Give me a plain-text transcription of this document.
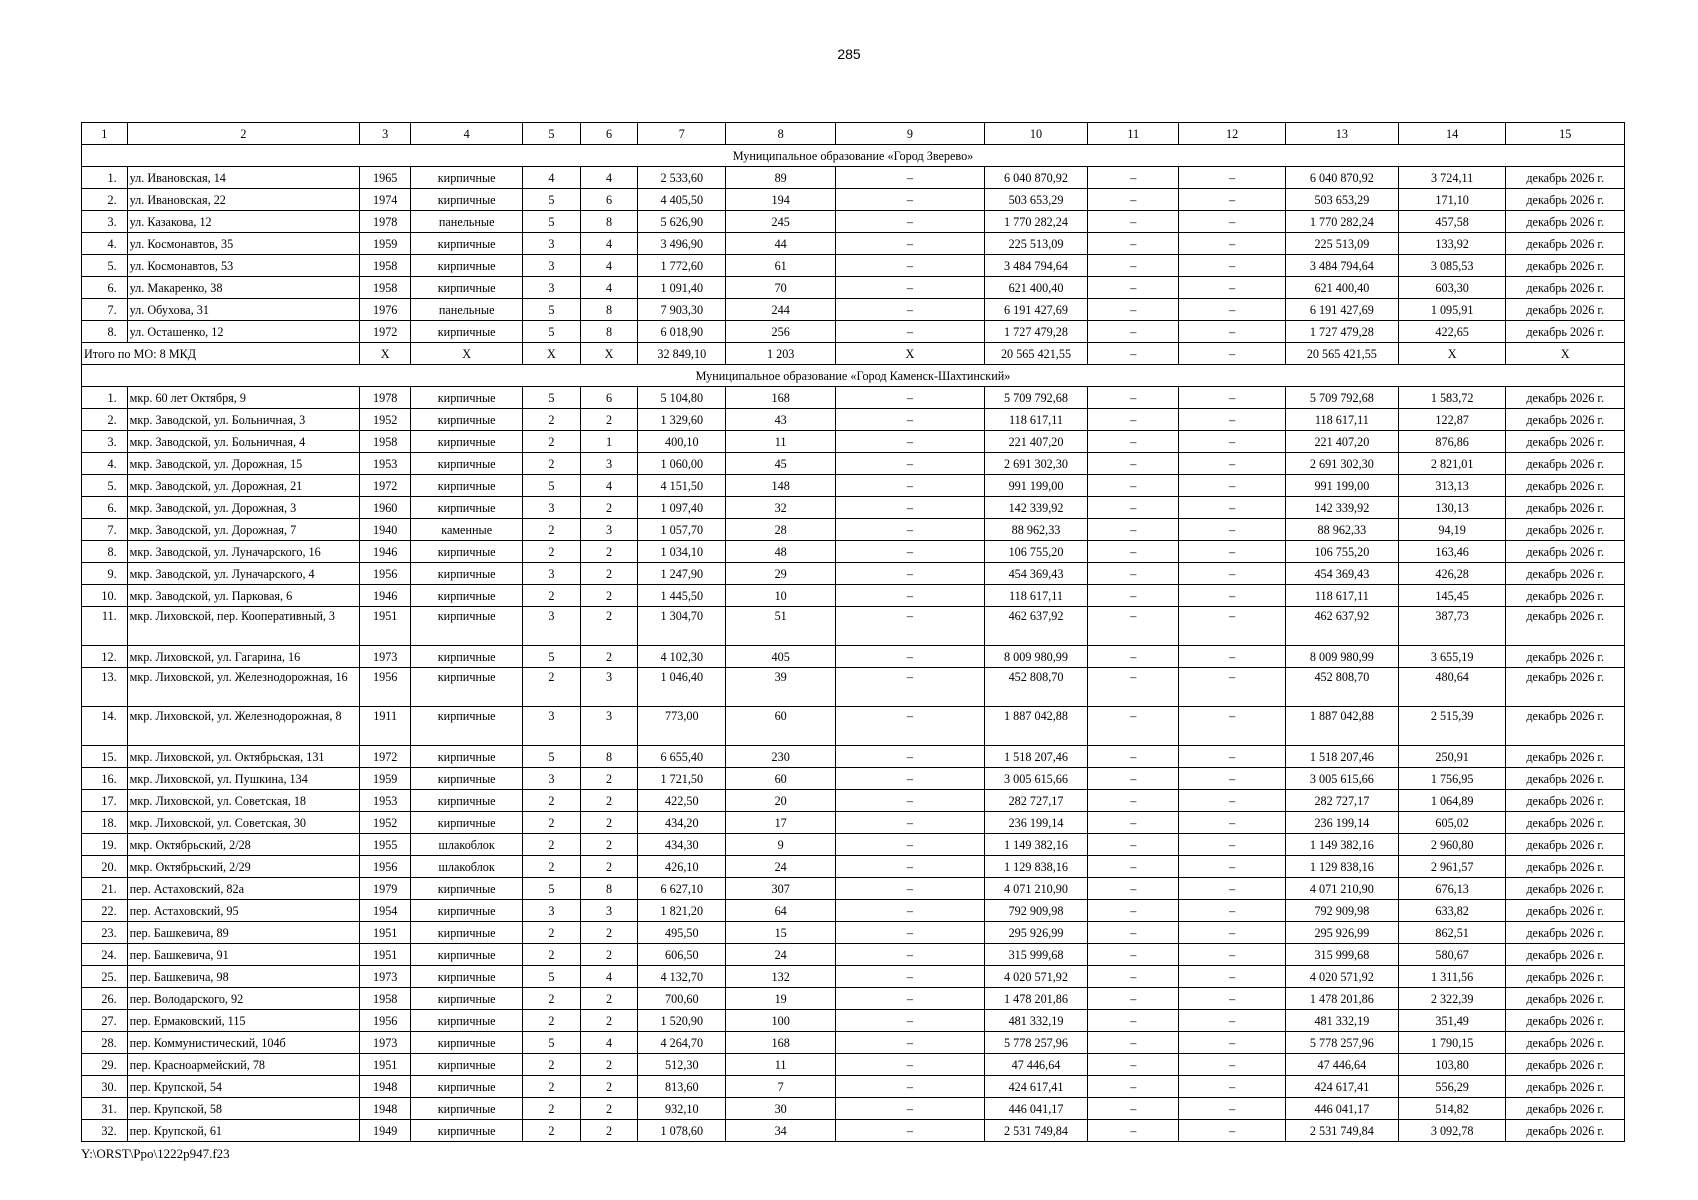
285
1	2	3	4	5	6	7	8	9	10	11	12	13	14	15
Муниципальное образование «Город Зверево»														
1.	ул. Ивановская, 14	1965	кирпичные	4	4	2 533,60	89	–	6 040 870,92	–	–	6 040 870,92	3 724,11	декабрь 2026 г.
2.	ул. Ивановская, 22	1974	кирпичные	5	6	4 405,50	194	–	503 653,29	–	–	503 653,29	171,10	декабрь 2026 г.
3.	ул. Казакова, 12	1978	панельные	5	8	5 626,90	245	–	1 770 282,24	–	–	1 770 282,24	457,58	декабрь 2026 г.
4.	ул. Космонавтов, 35	1959	кирпичные	3	4	3 496,90	44	–	225 513,09	–	–	225 513,09	133,92	декабрь 2026 г.
5.	ул. Космонавтов, 53	1958	кирпичные	3	4	1 772,60	61	–	3 484 794,64	–	–	3 484 794,64	3 085,53	декабрь 2026 г.
6.	ул. Макаренко, 38	1958	кирпичные	3	4	1 091,40	70	–	621 400,40	–	–	621 400,40	603,30	декабрь 2026 г.
7.	ул. Обухова, 31	1976	панельные	5	8	7 903,30	244	–	6 191 427,69	–	–	6 191 427,69	1 095,91	декабрь 2026 г.
8.	ул. Осташенко, 12	1972	кирпичные	5	8	6 018,90	256	–	1 727 479,28	–	–	1 727 479,28	422,65	декабрь 2026 г.
Итого по МО: 8 МКД		X	X	X	X	32 849,10	1 203	X	20 565 421,55	–	–	20 565 421,55	X	X
Муниципальное образование «Город Каменск-Шахтинский»														
1.	мкр. 60 лет Октября, 9	1978	кирпичные	5	6	5 104,80	168	–	5 709 792,68	–	–	5 709 792,68	1 583,72	декабрь 2026 г.
2.	мкр. Заводской, ул. Больничная, 3	1952	кирпичные	2	2	1 329,60	43	–	118 617,11	–	–	118 617,11	122,87	декабрь 2026 г.
3.	мкр. Заводской, ул. Больничная, 4	1958	кирпичные	2	1	400,10	11	–	221 407,20	–	–	221 407,20	876,86	декабрь 2026 г.
4.	мкр. Заводской, ул. Дорожная, 15	1953	кирпичные	2	3	1 060,00	45	–	2 691 302,30	–	–	2 691 302,30	2 821,01	декабрь 2026 г.
5.	мкр. Заводской, ул. Дорожная, 21	1972	кирпичные	5	4	4 151,50	148	–	991 199,00	–	–	991 199,00	313,13	декабрь 2026 г.
6.	мкр. Заводской, ул. Дорожная, 3	1960	кирпичные	3	2	1 097,40	32	–	142 339,92	–	–	142 339,92	130,13	декабрь 2026 г.
7.	мкр. Заводской, ул. Дорожная, 7	1940	каменные	2	3	1 057,70	28	–	88 962,33	–	–	88 962,33	94,19	декабрь 2026 г.
8.	мкр. Заводской, ул. Луначарского, 16	1946	кирпичные	2	2	1 034,10	48	–	106 755,20	–	–	106 755,20	163,46	декабрь 2026 г.
9.	мкр. Заводской, ул. Луначарского, 4	1956	кирпичные	3	2	1 247,90	29	–	454 369,43	–	–	454 369,43	426,28	декабрь 2026 г.
10.	мкр. Заводской, ул. Парковая, 6	1946	кирпичные	2	2	1 445,50	10	–	118 617,11	–	–	118 617,11	145,45	декабрь 2026 г.
11.	мкр. Лиховской, пер. Кооперативный, 3	1951	кирпичные	3	2	1 304,70	51	–	462 637,92	–	–	462 637,92	387,73	декабрь 2026 г.
12.	мкр. Лиховской, ул. Гагарина, 16	1973	кирпичные	5	2	4 102,30	405	–	8 009 980,99	–	–	8 009 980,99	3 655,19	декабрь 2026 г.
13.	мкр. Лиховской, ул. Железнодорожная, 16	1956	кирпичные	2	3	1 046,40	39	–	452 808,70	–	–	452 808,70	480,64	декабрь 2026 г.
14.	мкр. Лиховской, ул. Железнодорожная, 8	1911	кирпичные	3	3	773,00	60	–	1 887 042,88	–	–	1 887 042,88	2 515,39	декабрь 2026 г.
15.	мкр. Лиховской, ул. Октябрьская, 131	1972	кирпичные	5	8	6 655,40	230	–	1 518 207,46	–	–	1 518 207,46	250,91	декабрь 2026 г.
16.	мкр. Лиховской, ул. Пушкина, 134	1959	кирпичные	3	2	1 721,50	60	–	3 005 615,66	–	–	3 005 615,66	1 756,95	декабрь 2026 г.
17.	мкр. Лиховской, ул. Советская, 18	1953	кирпичные	2	2	422,50	20	–	282 727,17	–	–	282 727,17	1 064,89	декабрь 2026 г.
18.	мкр. Лиховской, ул. Советская, 30	1952	кирпичные	2	2	434,20	17	–	236 199,14	–	–	236 199,14	605,02	декабрь 2026 г.
19.	мкр. Октябрьский, 2/28	1955	шлакоблок	2	2	434,30	9	–	1 149 382,16	–	–	1 149 382,16	2 960,80	декабрь 2026 г.
20.	мкр. Октябрьский, 2/29	1956	шлакоблок	2	2	426,10	24	–	1 129 838,16	–	–	1 129 838,16	2 961,57	декабрь 2026 г.
21.	пер. Астаховский, 82а	1979	кирпичные	5	8	6 627,10	307	–	4 071 210,90	–	–	4 071 210,90	676,13	декабрь 2026 г.
22.	пер. Астаховский, 95	1954	кирпичные	3	3	1 821,20	64	–	792 909,98	–	–	792 909,98	633,82	декабрь 2026 г.
23.	пер. Башкевича, 89	1951	кирпичные	2	2	495,50	15	–	295 926,99	–	–	295 926,99	862,51	декабрь 2026 г.
24.	пер. Башкевича, 91	1951	кирпичные	2	2	606,50	24	–	315 999,68	–	–	315 999,68	580,67	декабрь 2026 г.
25.	пер. Башкевича, 98	1973	кирпичные	5	4	4 132,70	132	–	4 020 571,92	–	–	4 020 571,92	1 311,56	декабрь 2026 г.
26.	пер. Володарского, 92	1958	кирпичные	2	2	700,60	19	–	1 478 201,86	–	–	1 478 201,86	2 322,39	декабрь 2026 г.
27.	пер. Ермаковский, 115	1956	кирпичные	2	2	1 520,90	100	–	481 332,19	–	–	481 332,19	351,49	декабрь 2026 г.
28.	пер. Коммунистический, 104б	1973	кирпичные	5	4	4 264,70	168	–	5 778 257,96	–	–	5 778 257,96	1 790,15	декабрь 2026 г.
29.	пер. Красноармейский, 78	1951	кирпичные	2	2	512,30	11	–	47 446,64	–	–	47 446,64	103,80	декабрь 2026 г.
30.	пер. Крупской, 54	1948	кирпичные	2	2	813,60	7	–	424 617,41	–	–	424 617,41	556,29	декабрь 2026 г.
31.	пер. Крупской, 58	1948	кирпичные	2	2	932,10	30	–	446 041,17	–	–	446 041,17	514,82	декабрь 2026 г.
32.	пер. Крупской, 61	1949	кирпичные	2	2	1 078,60	34	–	2 531 749,84	–	–	2 531 749,84	3 092,78	декабрь 2026 г.
Y:\ORST\Ppo\1222p947.f23
